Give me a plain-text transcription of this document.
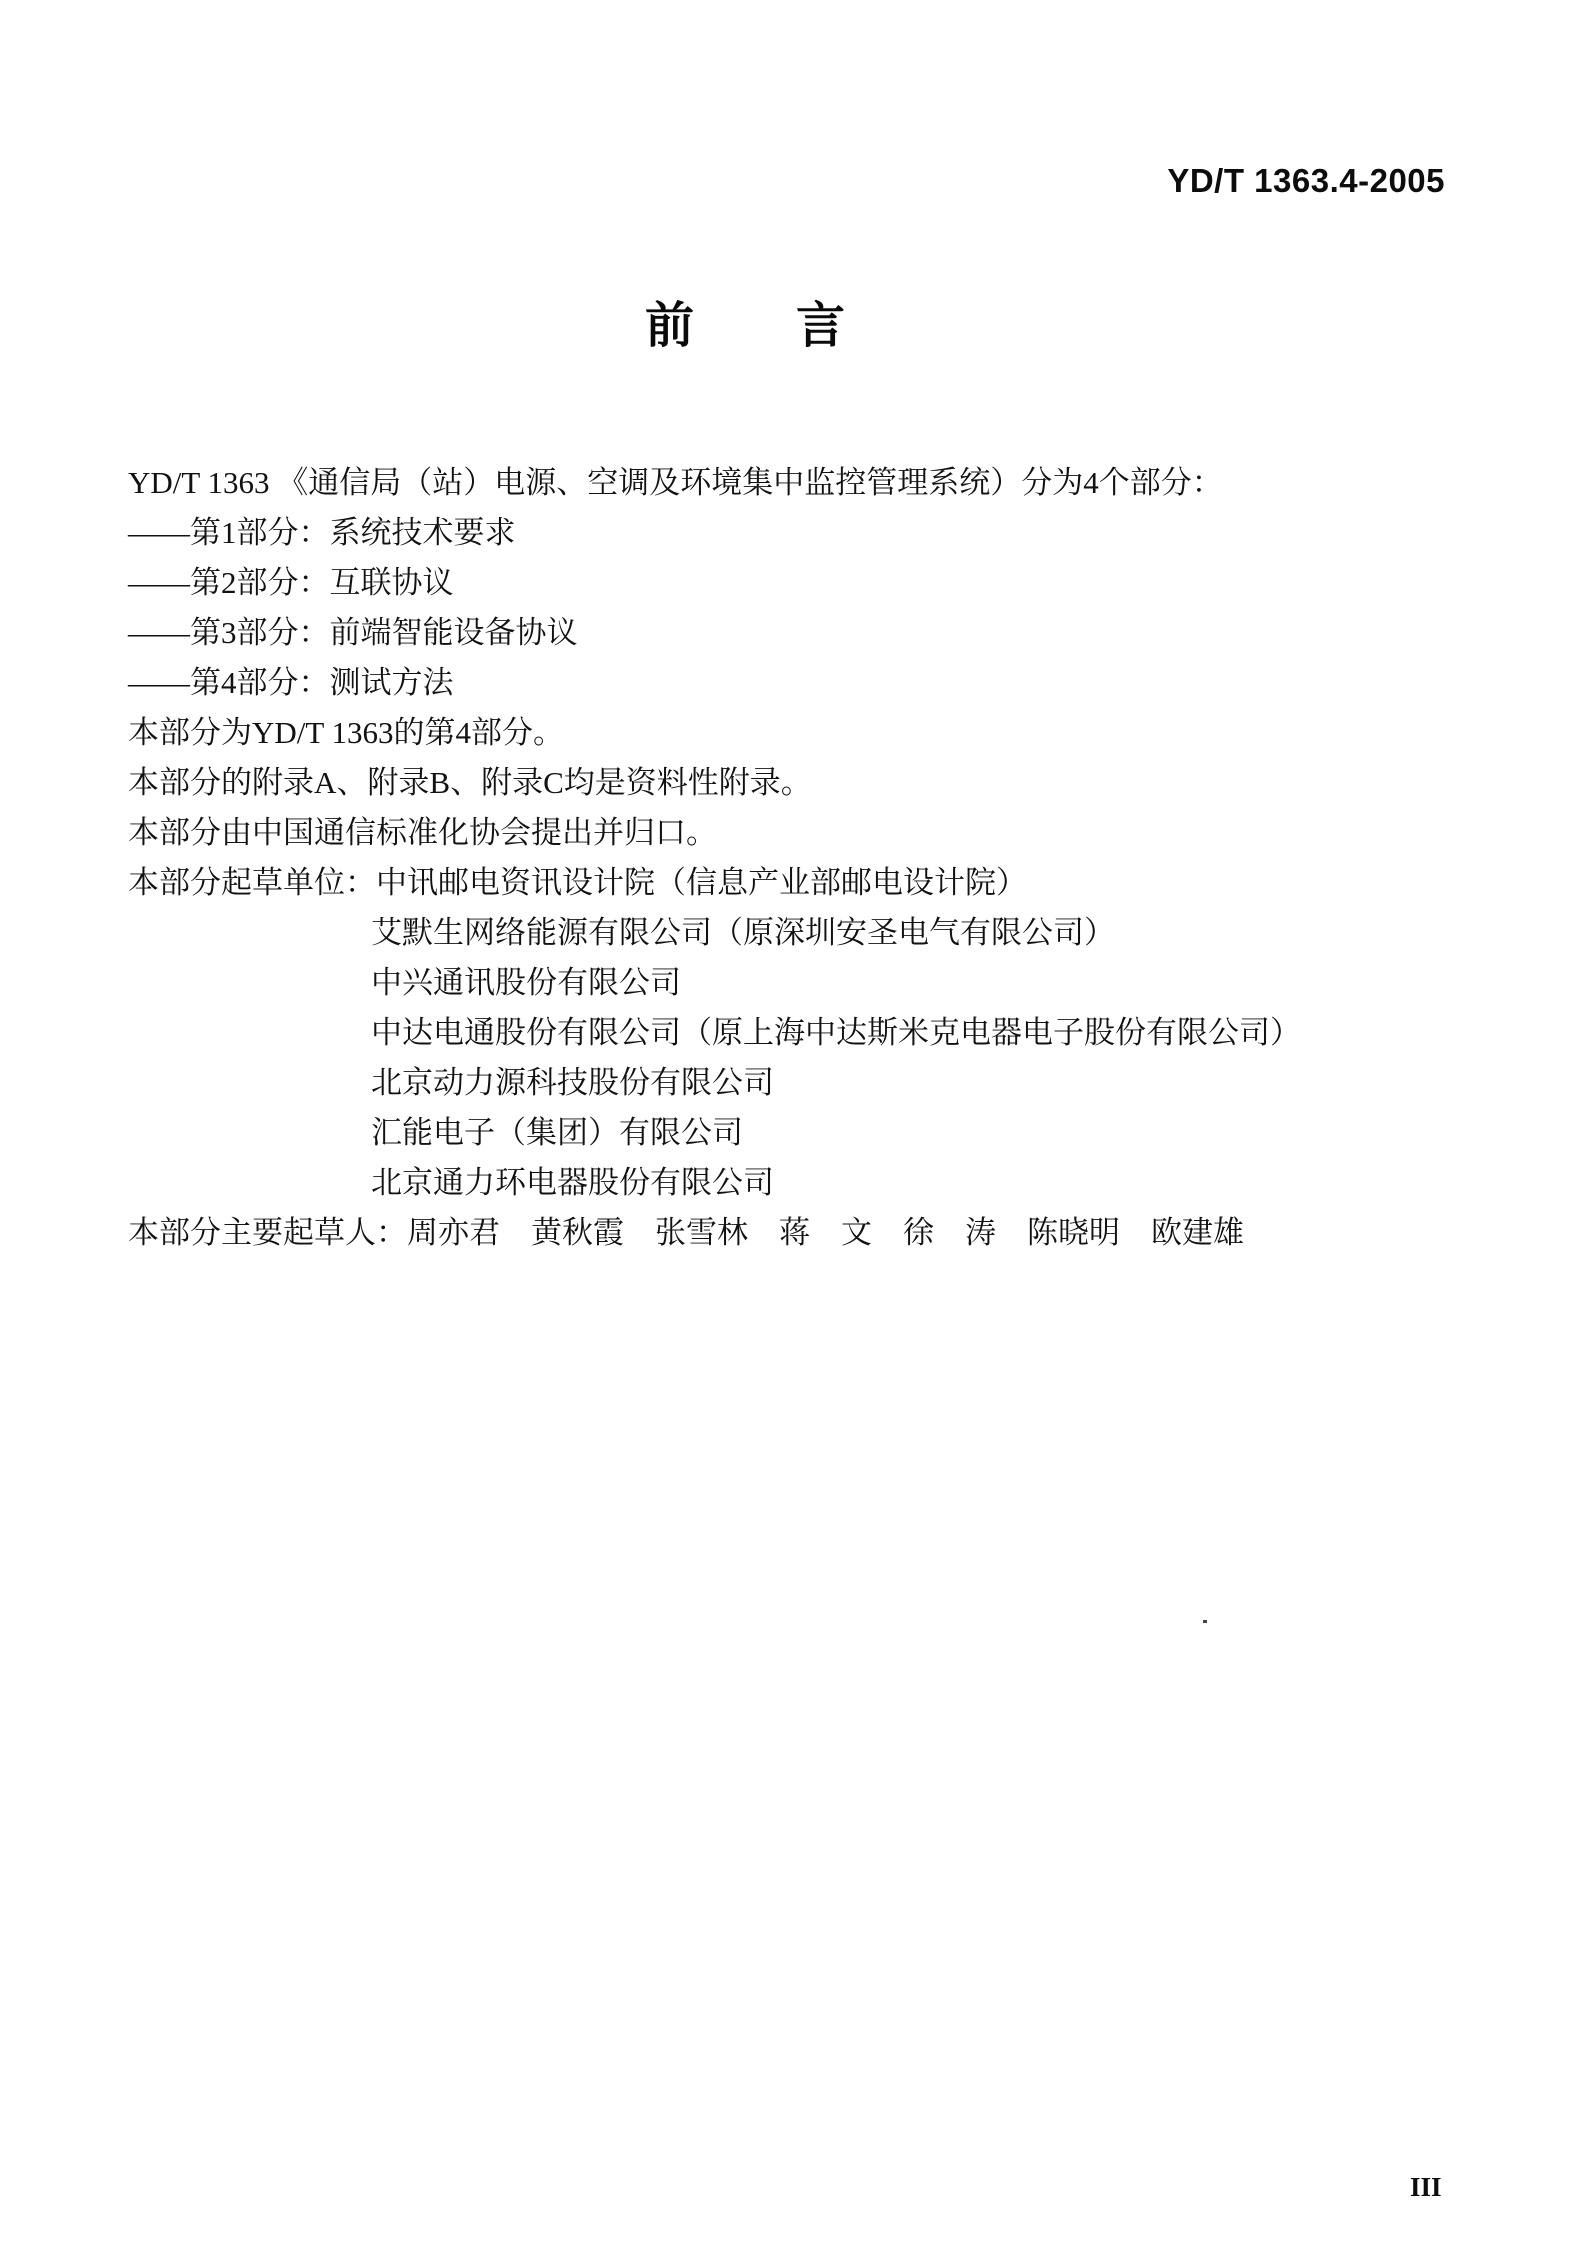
YD/T 1363.4-2005
前 言
YD/T 1363 《通信局（站）电源、空调及环境集中监控管理系统）分为4个部分：
——第1部分：系统技术要求
——第2部分：互联协议
——第3部分：前端智能设备协议
——第4部分：测试方法
本部分为YD/T 1363的第4部分。
本部分的附录A、附录B、附录C均是资料性附录。
本部分由中国通信标准化协会提出并归口。
本部分起草单位：中讯邮电资讯设计院（信息产业部邮电设计院）
艾默生网络能源有限公司（原深圳安圣电气有限公司）
中兴通讯股份有限公司
中达电通股份有限公司（原上海中达斯米克电器电子股份有限公司）
北京动力源科技股份有限公司
汇能电子（集团）有限公司
北京通力环电器股份有限公司
本部分主要起草人：周亦君　黄秋霞　张雪林　蒋　文　徐　涛　陈晓明　欧建雄
III
